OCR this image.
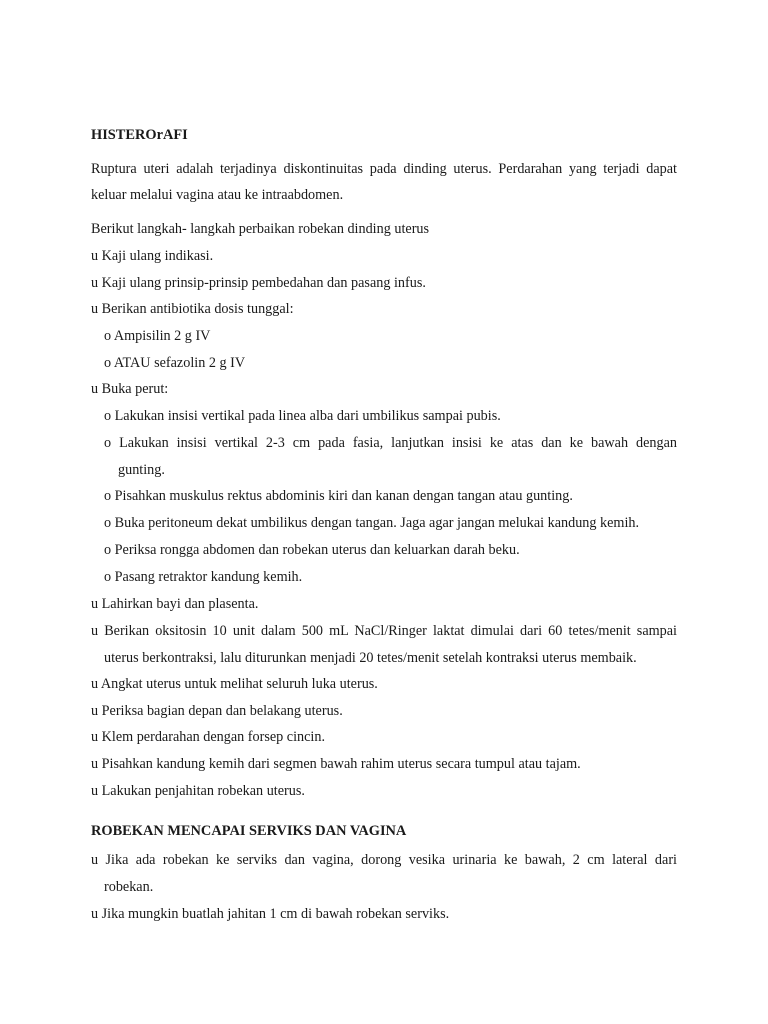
HISTEROrAFI
Ruptura uteri adalah terjadinya diskontinuitas pada dinding uterus. Perdarahan yang terjadi dapat
keluar melalui vagina atau ke intraabdomen.
Berikut langkah- langkah perbaikan robekan dinding uterus
u Kaji ulang indikasi.
u Kaji ulang prinsip-prinsip pembedahan dan pasang infus.
u Berikan antibiotika dosis tunggal:
o Ampisilin 2 g IV
o ATAU sefazolin 2 g IV
u Buka perut:
o Lakukan insisi vertikal pada linea alba dari umbilikus sampai pubis.
o Lakukan insisi vertikal 2-3 cm pada fasia, lanjutkan insisi ke atas dan ke bawah dengan
gunting.
o Pisahkan muskulus rektus abdominis kiri dan kanan dengan tangan atau gunting.
o Buka peritoneum dekat umbilikus dengan tangan. Jaga agar jangan melukai kandung kemih.
o Periksa rongga abdomen dan robekan uterus dan keluarkan darah beku.
o Pasang retraktor kandung kemih.
u Lahirkan bayi dan plasenta.
u Berikan oksitosin 10 unit dalam 500 mL NaCl/Ringer laktat dimulai dari 60 tetes/menit sampai
uterus berkontraksi, lalu diturunkan menjadi 20 tetes/menit setelah kontraksi uterus membaik.
u Angkat uterus untuk melihat seluruh luka uterus.
u Periksa bagian depan dan belakang uterus.
u Klem perdarahan dengan forsep cincin.
u Pisahkan kandung kemih dari segmen bawah rahim uterus secara tumpul atau tajam.
u Lakukan penjahitan robekan uterus.
ROBEKAN MENCAPAI SERVIKS DAN VAGINA
u Jika ada robekan ke serviks dan vagina, dorong vesika urinaria ke bawah, 2 cm lateral dari
robekan.
u Jika mungkin buatlah jahitan 1 cm di bawah robekan serviks.
